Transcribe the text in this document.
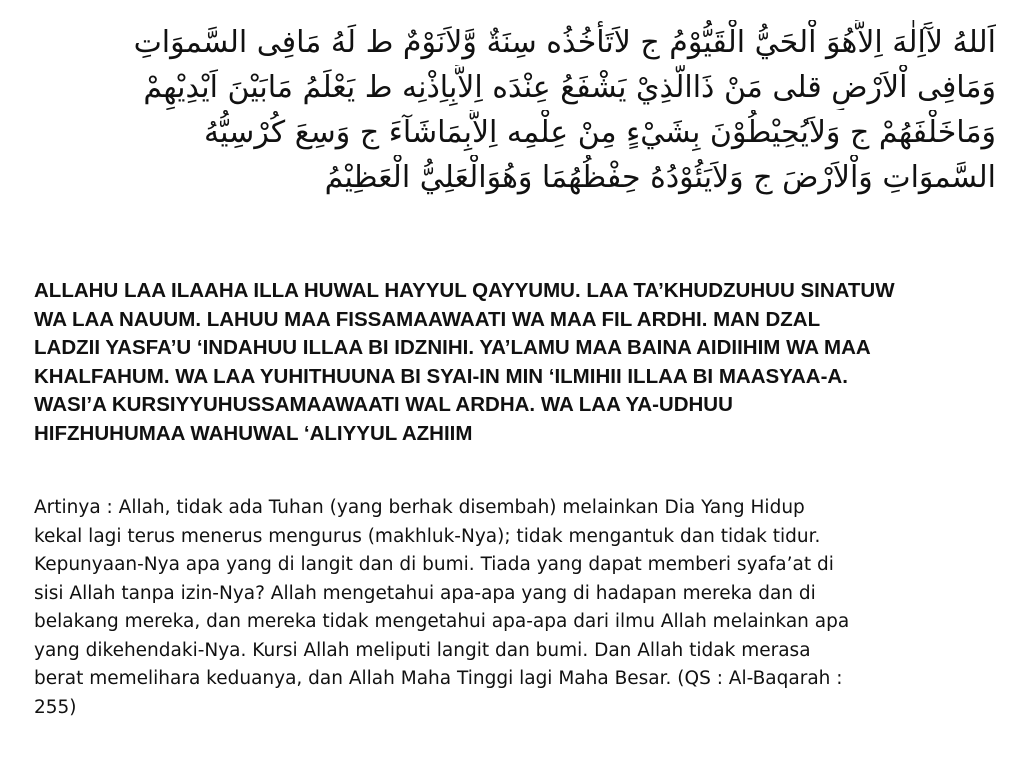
اَللهُ لآَاِلٰهَ اِلاَّهُوَ اْلحَيُّ الْقَيُّوْمُ ج لاَتَأْخُذُه سِنَةٌ وَّلاَنَوْمٌ ط لَهُ مَافِى السَّموَاتِ
وَمَافِى اْلاَرْضِ قلى مَنْ ذَاالَّذِيْ يَشْفَعُ عِنْدَه اِلاَّبِاِذْنِه ط يَعْلَمُ مَابَيْنَ اَيْدِيْهِمْ
وَمَاخَلْفَهُمْ ج وَلاَيُحِيْطُوْنَ بِشَيْءٍ مِنْ عِلْمِه اِلاَّبِمَاشَآءَ ج وَسِعَ كُرْسِيُّهُ
السَّموَاتِ وَاْلاَرْضَ ج وَلاَيَئُوْدُهُ حِفْظُهُمَا وَهُوَالْعَلِيُّ الْعَظِيْمُ
ALLAHU LAA ILAAHA ILLA HUWAL HAYYUL QAYYUMU. LAA TA’KHUDZUHUU SINATUW
WA LAA NAUUM. LAHUU MAA FISSAMAAWAATI WA MAA FIL ARDHI. MAN DZAL
LADZII YASFA’U ‘INDAHUU ILLAA BI IDZNIHI. YA’LAMU MAA BAINA AIDIIHIM WA MAA
KHALFAHUM. WA LAA YUHITHUUNA BI SYAI-IN MIN ‘ILMIHII ILLAA BI MAASYAA-A.
WASI’A KURSIYYUHUSSAMAAWAATI WAL ARDHA. WA LAA YA-UDHUU
HIFZHUHUMAA WAHUWAL ‘ALIYYUL AZHIIM
Artinya : Allah, tidak ada Tuhan (yang berhak disembah) melainkan Dia Yang Hidup
kekal lagi terus menerus mengurus (makhluk-Nya); tidak mengantuk dan tidak tidur.
Kepunyaan-Nya apa yang di langit dan di bumi. Tiada yang dapat memberi syafa’at di
sisi Allah tanpa izin-Nya? Allah mengetahui apa-apa yang di hadapan mereka dan di
belakang mereka, dan mereka tidak mengetahui apa-apa dari ilmu Allah melainkan apa
yang dikehendaki-Nya. Kursi Allah meliputi langit dan bumi. Dan Allah tidak merasa
berat memelihara keduanya, dan Allah Maha Tinggi lagi Maha Besar. (QS : Al-Baqarah :
255)
